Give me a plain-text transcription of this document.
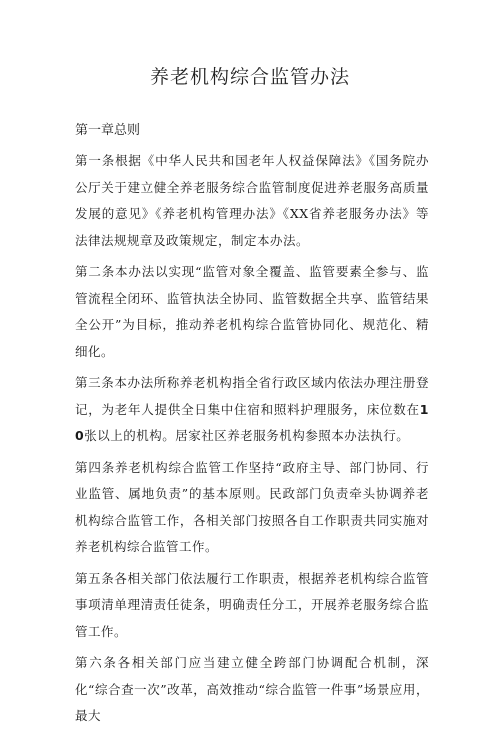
养老机构综合监管办法
第一章总则

第一条根据《中华人民共和国老年人权益保障法》《国务院办公厅关于建立健全养老服务综合监管制度促进养老服务高质量发展的意见》《养老机构管理办法》《XX省养老服务办法》等法律法规规章及政策规定，制定本办法。

第二条本办法以实现“监管对象全覆盖、监管要素全参与、监管流程全闭环、监管执法全协同、监管数据全共享、监管结果全公开”为目标，推动养老机构综合监管协同化、规范化、精细化。

第三条本办法所称养老机构指全省行政区域内依法办理注册登记，为老年人提供全日集中住宿和照料护理服务，床位数在10张以上的机构。居家社区养老服务机构参照本办法执行。

第四条养老机构综合监管工作坚持“政府主导、部门协同、行业监管、属地负责”的基本原则。民政部门负责牵头协调养老机构综合监管工作，各相关部门按照各自工作职责共同实施对养老机构综合监管工作。

第五条各相关部门依法履行工作职责，根据养老机构综合监管事项清单理清责任徒条，明确责任分工，开展养老服务综合监管工作。

第六条各相关部门应当建立健全跨部门协调配合机制，深化“综合查一次”改革，高效推动“综合监管一件事”场景应用，最大
